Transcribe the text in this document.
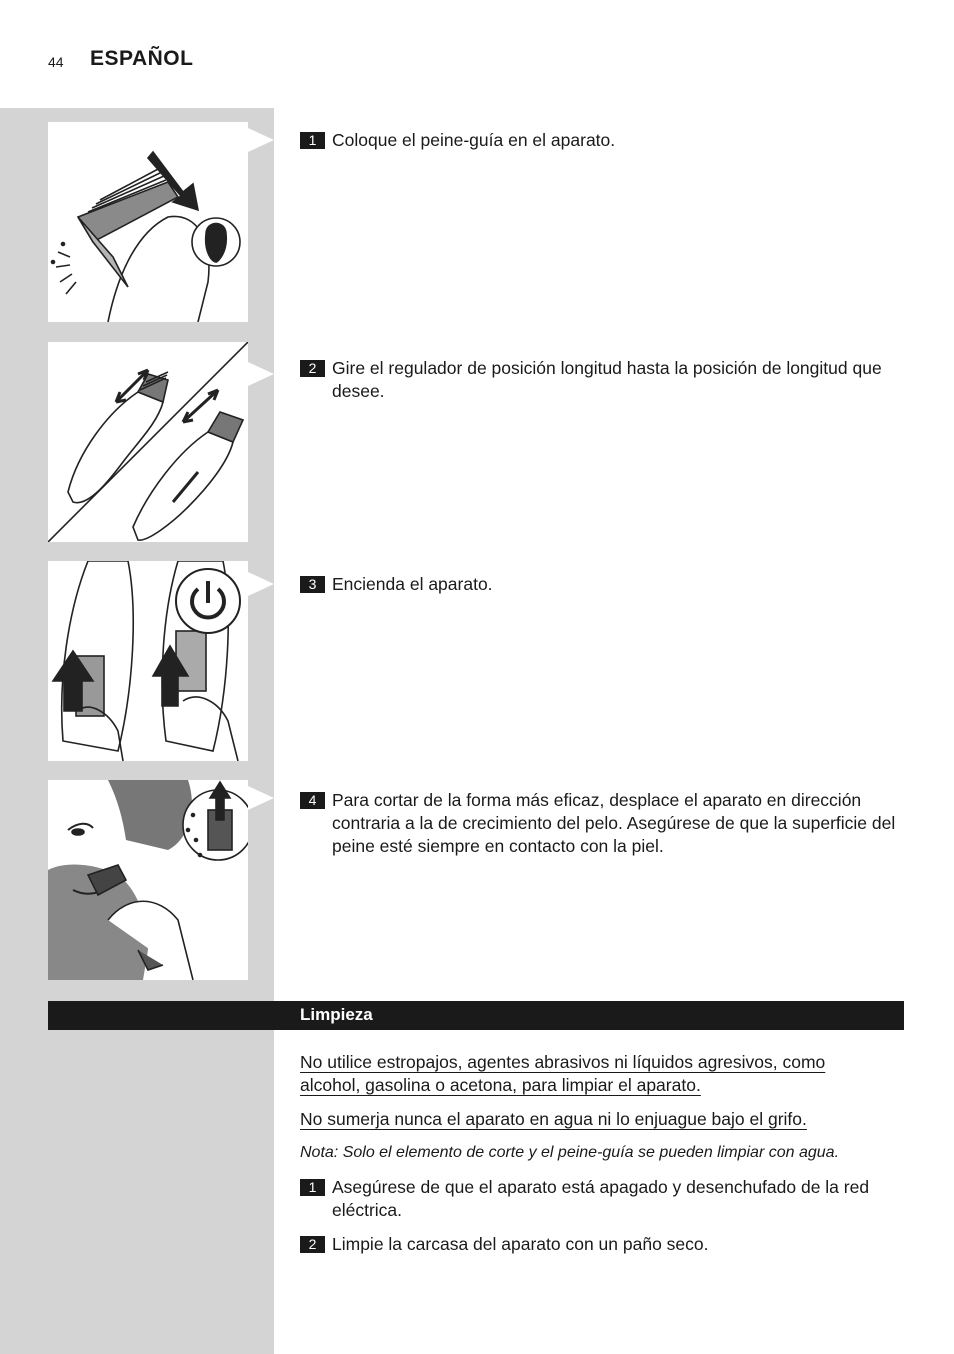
44 ESPAÑOL
1 Coloque el peine-guía en el aparato.
2 Gire el regulador de posición longitud hasta la posición de longitud que desee.
3 Encienda el aparato.
4 Para cortar de la forma más eficaz, desplace el aparato en dirección contraria a la de crecimiento del pelo. Asegúrese de que la superficie del peine esté siempre en contacto con la piel.
Limpieza
No utilice estropajos, agentes abrasivos ni líquidos agresivos, como alcohol, gasolina o acetona, para limpiar el aparato.
No sumerja nunca el aparato en agua ni lo enjuague bajo el grifo.
Nota: Solo el elemento de corte y el peine-guía se pueden limpiar con agua.
1 Asegúrese de que el aparato está apagado y desenchufado de la red eléctrica.
2 Limpie la carcasa del aparato con un paño seco.
